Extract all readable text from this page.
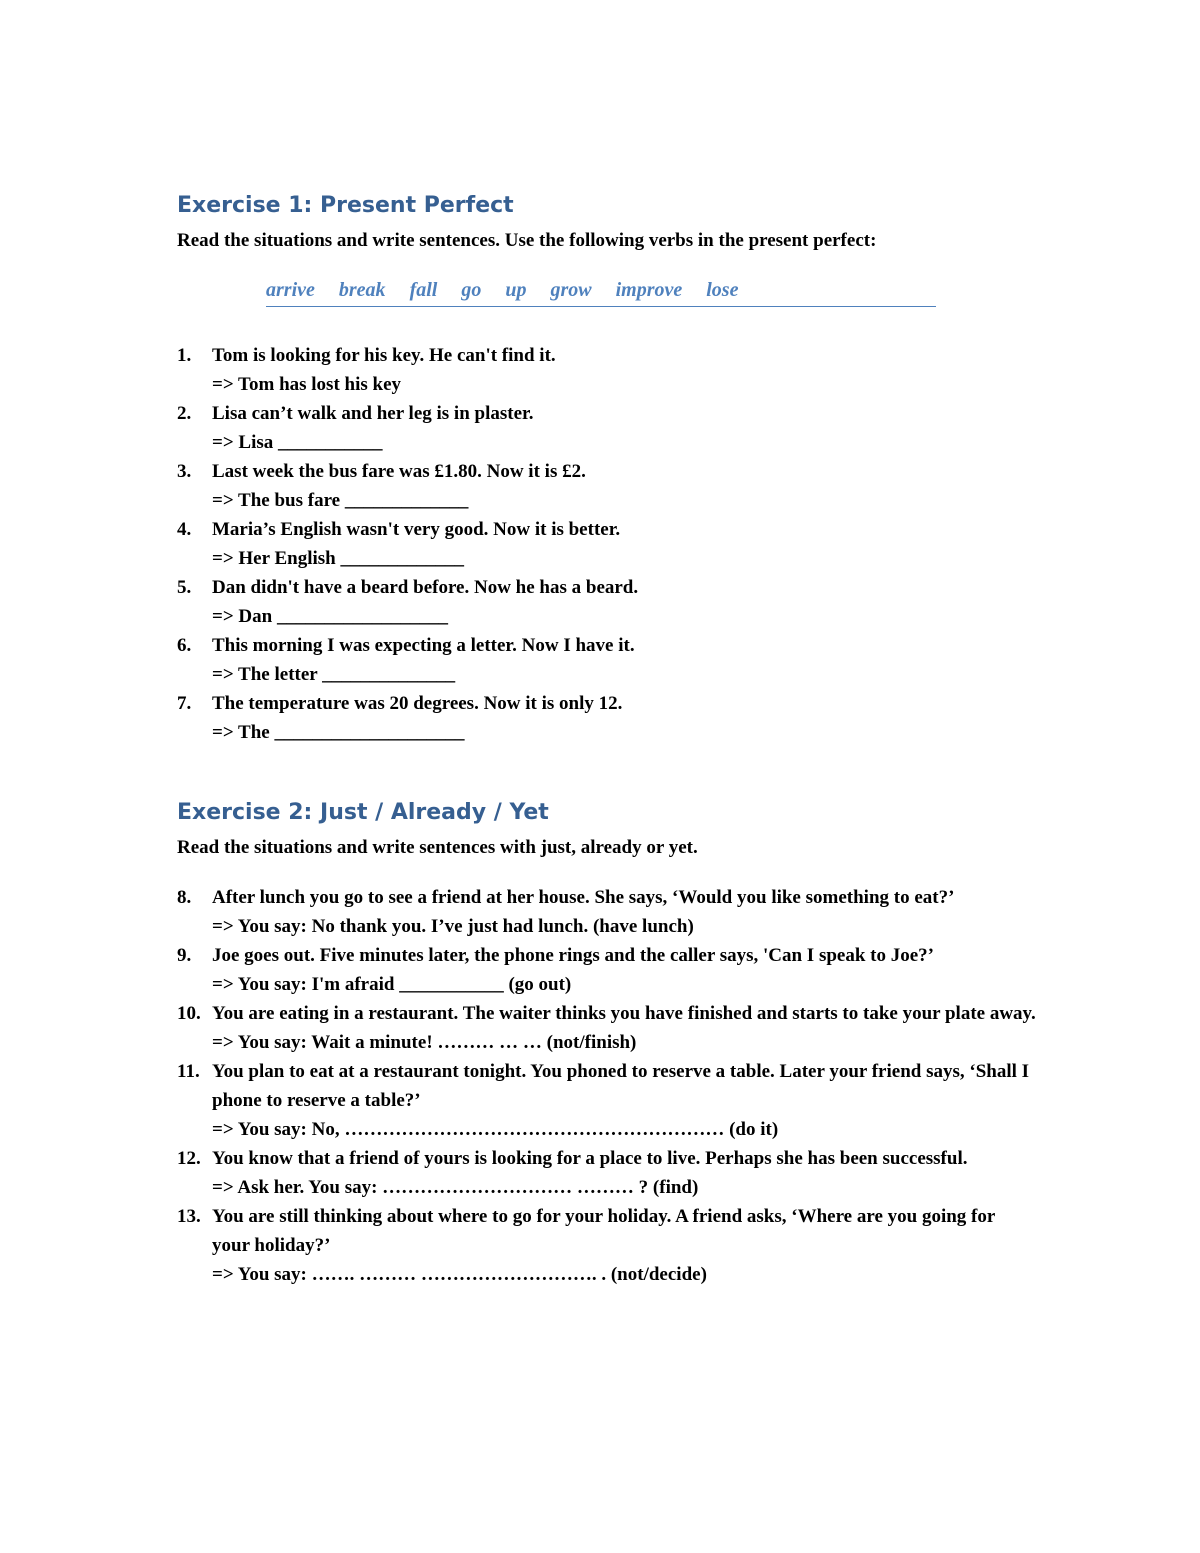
Exercise 1: Present Perfect

Read the situations and write sentences. Use the following verbs in the present perfect:

arrive break fall go up grow improve lose
1.	Tom is looking for his key. He can't find it.
=> Tom has lost his key
2.	Lisa can’t walk and her leg is in plaster.
=> Lisa ___________
3.	Last week the bus fare was £1.80. Now it is £2.
=> The bus fare _____________
4.	Maria’s English wasn't very good. Now it is better.
=> Her English _____________
5.	Dan didn't have a beard before. Now he has a beard.
=> Dan __________________
6.	This morning I was expecting a letter. Now I have it.
=> The letter ______________
7.	The temperature was 20 degrees. Now it is only 12.
=> The ____________________
Exercise 2: Just / Already / Yet

Read the situations and write sentences with just, already or yet.

8.	After lunch you go to see a friend at her house. She says, ‘Would you like something to eat?’
=> You say: No thank you. I’ve just had lunch. (have lunch)
9.	Joe goes out. Five minutes later, the phone rings and the caller says, 'Can I speak to Joe?’
=> You say: I'm afraid ___________ (go out)
10. You are eating in a restaurant. The waiter thinks you have finished and starts to take your plate away.
=> You say: Wait a minute! ……… … … (not/finish)
11. You plan to eat at a restaurant tonight. You phoned to reserve a table. Later your friend says, ‘Shall I phone to reserve a table?’
=> You say: No, …………………………………………………… (do it)
12. You know that a friend of yours is looking for a place to live. Perhaps she has been successful.
=> Ask her. You say: ………………………… ……… ? (find)
13. You are still thinking about where to go for your holiday. A friend asks, ‘Where are you going for your holiday?’
=> You say: ……. ……… ………………………. . (not/decide)
